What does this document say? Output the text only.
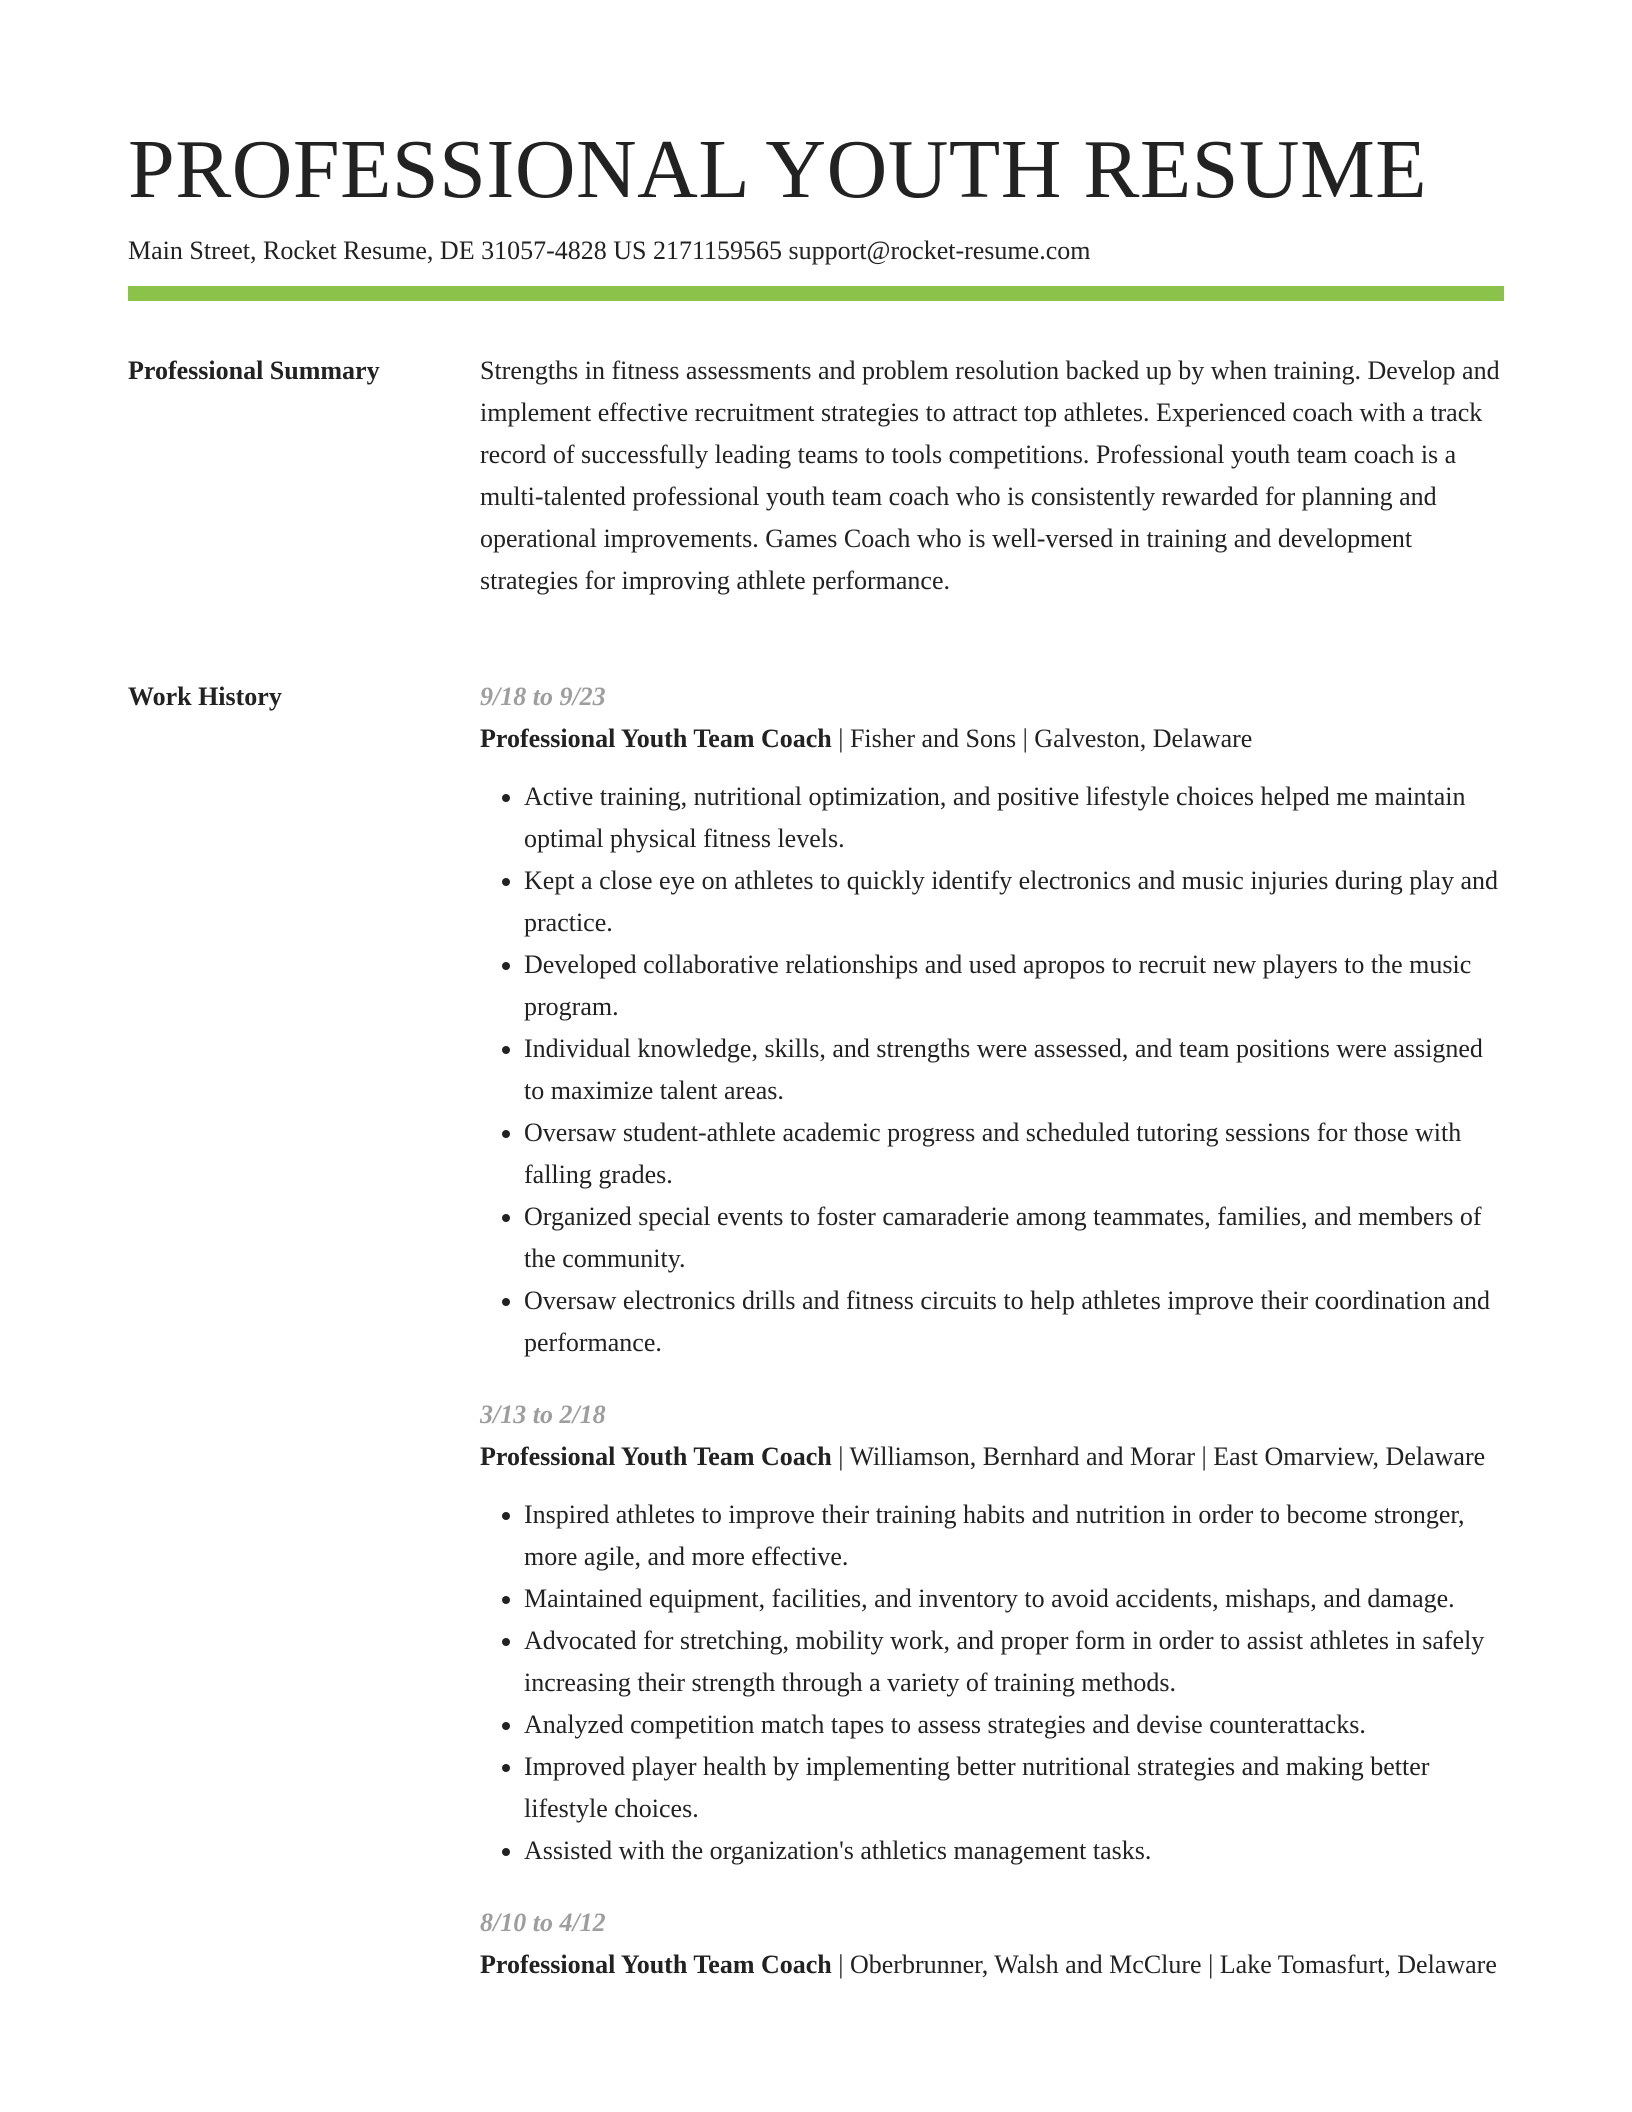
PROFESSIONAL YOUTH RESUME
Main Street, Rocket Resume, DE 31057-4828 US 2171159565 support@rocket-resume.com
Professional Summary	Strengths in fitness assessments and problem resolution backed up by when training. Develop and implement effective recruitment strategies to attract top athletes. Experienced coach with a track record of successfully leading teams to tools competitions. Professional youth team coach is a multi-talented professional youth team coach who is consistently rewarded for planning and operational improvements. Games Coach who is well-versed in training and development strategies for improving athlete performance.
Work History	9/18 to 9/23
Professional Youth Team Coach | Fisher and Sons | Galveston, Delaware
• Active training, nutritional optimization, and positive lifestyle choices helped me maintain optimal physical fitness levels.
• Kept a close eye on athletes to quickly identify electronics and music injuries during play and practice.
• Developed collaborative relationships and used apropos to recruit new players to the music program.
• Individual knowledge, skills, and strengths were assessed, and team positions were assigned to maximize talent areas.
• Oversaw student-athlete academic progress and scheduled tutoring sessions for those with falling grades.
• Organized special events to foster camaraderie among teammates, families, and members of the community.
• Oversaw electronics drills and fitness circuits to help athletes improve their coordination and performance.
3/13 to 2/18
Professional Youth Team Coach | Williamson, Bernhard and Morar | East Omarview, Delaware
• Inspired athletes to improve their training habits and nutrition in order to become stronger, more agile, and more effective.
• Maintained equipment, facilities, and inventory to avoid accidents, mishaps, and damage.
• Advocated for stretching, mobility work, and proper form in order to assist athletes in safely increasing their strength through a variety of training methods.
• Analyzed competition match tapes to assess strategies and devise counterattacks.
• Improved player health by implementing better nutritional strategies and making better lifestyle choices.
• Assisted with the organization's athletics management tasks.
8/10 to 4/12
Professional Youth Team Coach | Oberbrunner, Walsh and McClure | Lake Tomasfurt, Delaware
